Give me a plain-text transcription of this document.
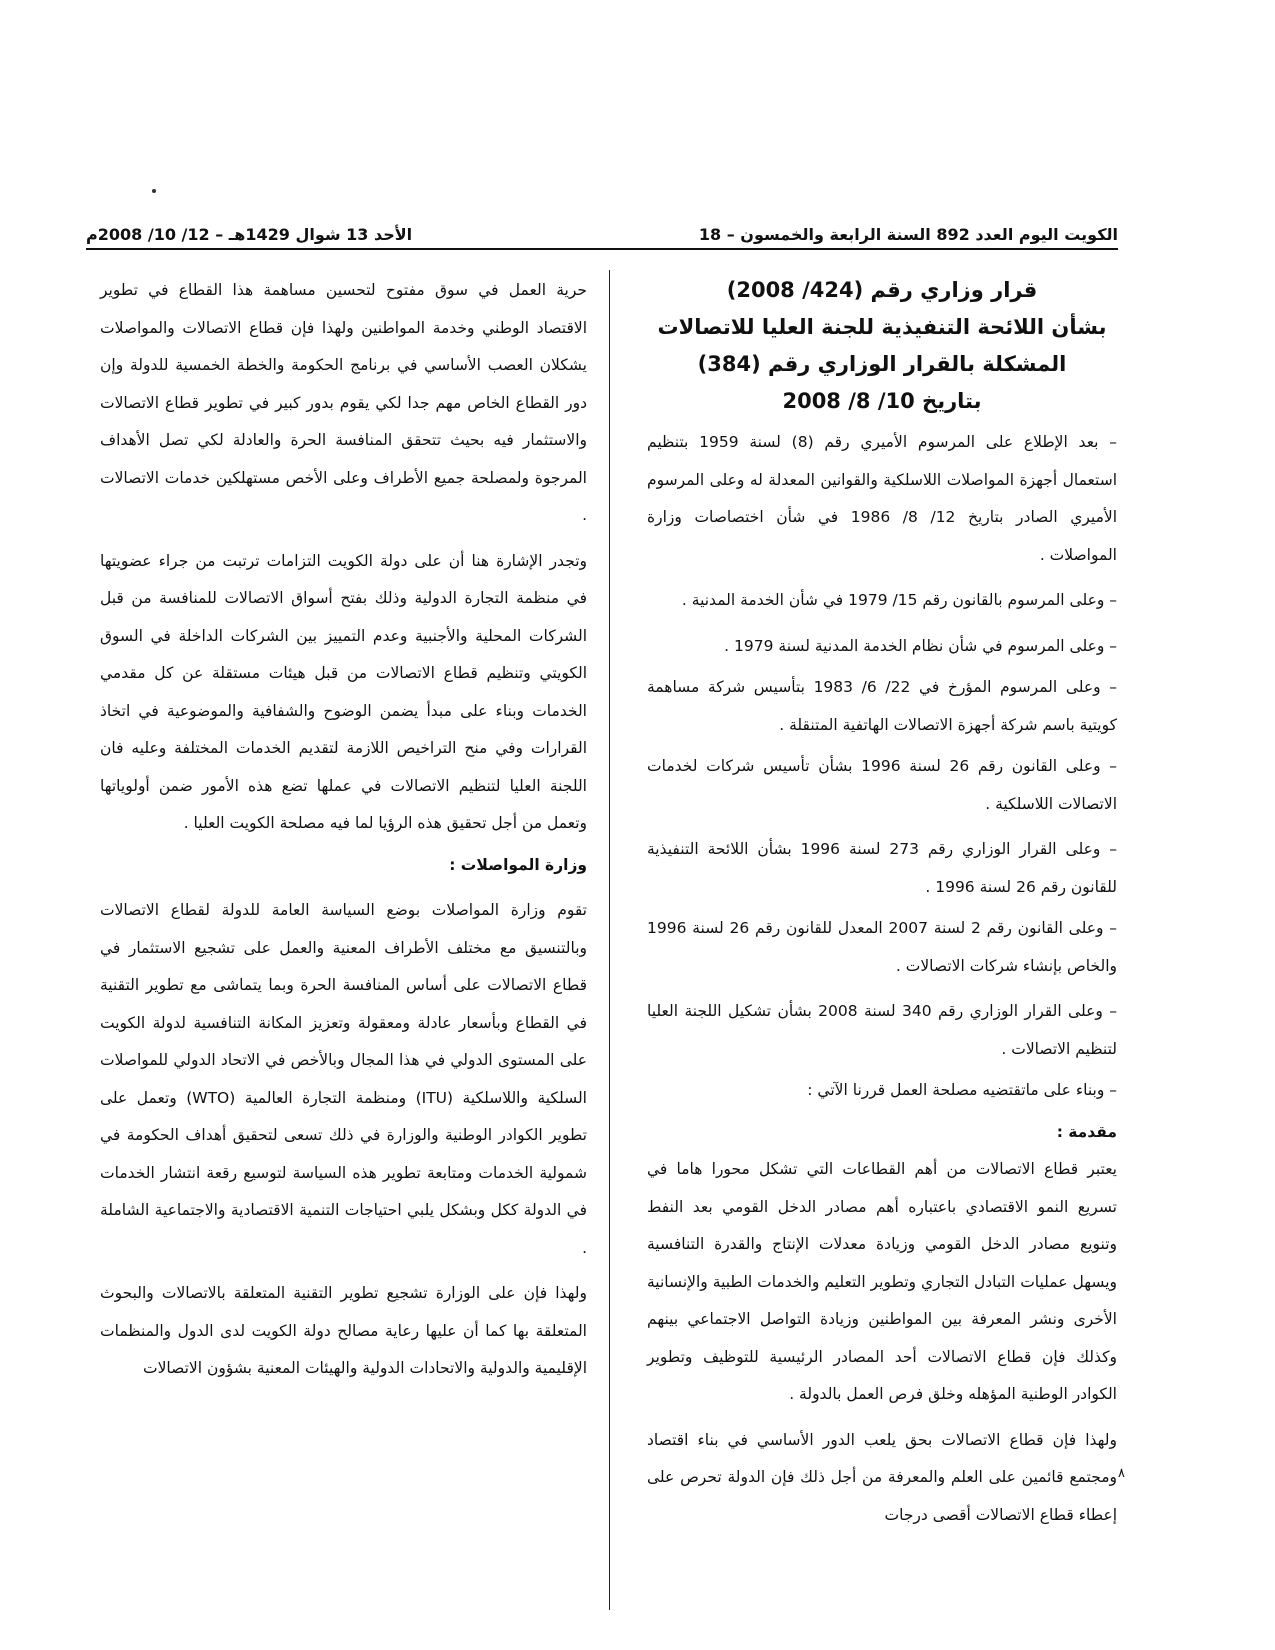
الكويت اليوم العدد 892 السنة الرابعة والخمسون – 18
الأحد 13 شوال 1429هـ – 12/ 10/ 2008م

قرار وزاري رقم (424/ 2008)

بشأن اللائحة التنفيذية للجنة العليا للاتصالات

المشكلة بالقرار الوزاري رقم (384)

بتاريخ 10/ 8/ 2008

– بعد الإطلاع على المرسوم الأميري رقم (8) لسنة 1959 بتنظيم استعمال أجهزة المواصلات اللاسلكية والقوانين المعدلة له وعلى المرسوم الأميري الصادر بتاريخ 12/ 8/ 1986 في شأن اختصاصات وزارة المواصلات .

– وعلى المرسوم بالقانون رقم 15/ 1979 في شأن الخدمة المدنية .

– وعلى المرسوم في شأن نظام الخدمة المدنية لسنة 1979 .

– وعلى المرسوم المؤرخ في 22/ 6/ 1983 بتأسيس شركة مساهمة كويتية باسم شركة أجهزة الاتصالات الهاتفية المتنقلة .

– وعلى القانون رقم 26 لسنة 1996 بشأن تأسيس شركات لخدمات الاتصالات اللاسلكية .

– وعلى القرار الوزاري رقم 273 لسنة 1996 بشأن اللائحة التنفيذية للقانون رقم 26 لسنة 1996 .

– وعلى القانون رقم 2 لسنة 2007 المعدل للقانون رقم 26 لسنة 1996 والخاص بإنشاء شركات الاتصالات .

– وعلى القرار الوزاري رقم 340 لسنة 2008 بشأن تشكيل اللجنة العليا لتنظيم الاتصالات .

– وبناء على ماتقتضيه مصلحة العمل قررنا الآتي :

مقدمة :

يعتبر قطاع الاتصالات من أهم القطاعات التي تشكل محورا هاما في تسريع النمو الاقتصادي باعتباره أهم مصادر الدخل القومي بعد النفط وتنويع مصادر الدخل القومي وزيادة معدلات الإنتاج والقدرة التنافسية ويسهل عمليات التبادل التجاري وتطوير التعليم والخدمات الطبية والإنسانية الأخرى ونشر المعرفة بين المواطنين وزيادة التواصل الاجتماعي بينهم وكذلك فإن قطاع الاتصالات أحد المصادر الرئيسية للتوظيف وتطوير الكوادر الوطنية المؤهله وخلق فرص العمل بالدولة .

ولهذا فإن قطاع الاتصالات بحق يلعب الدور الأساسي في بناء اقتصاد ومجتمع قائمين على العلم والمعرفة من أجل ذلك فإن الدولة تحرص على إعطاء قطاع الاتصالات أقصى درجات

حرية العمل في سوق مفتوح لتحسين مساهمة هذا القطاع في تطوير الاقتصاد الوطني وخدمة المواطنين ولهذا فإن قطاع الاتصالات والمواصلات يشكلان العصب الأساسي في برنامج الحكومة والخطة الخمسية للدولة وإن دور القطاع الخاص مهم جدا لكي يقوم بدور كبير في تطوير قطاع الاتصالات والاستثمار فيه بحيث تتحقق المنافسة الحرة والعادلة لكي تصل الأهداف المرجوة ولمصلحة جميع الأطراف وعلى الأخص مستهلكين خدمات الاتصالات .

وتجدر الإشارة هنا أن على دولة الكويت التزامات ترتبت من جراء عضويتها في منظمة التجارة الدولية وذلك بفتح أسواق الاتصالات للمنافسة من قبل الشركات المحلية والأجنبية وعدم التمييز بين الشركات الداخلة في السوق الكويتي وتنظيم قطاع الاتصالات من قبل هيئات مستقلة عن كل مقدمي الخدمات وبناء على مبدأ يضمن الوضوح والشفافية والموضوعية في اتخاذ القرارات وفي منح التراخيص اللازمة لتقديم الخدمات المختلفة وعليه فان اللجنة العليا لتنظيم الاتصالات في عملها تضع هذه الأمور ضمن أولوياتها وتعمل من أجل تحقيق هذه الرؤيا لما فيه مصلحة الكويت العليا .

وزارة المواصلات :

تقوم وزارة المواصلات بوضع السياسة العامة للدولة لقطاع الاتصالات وبالتنسيق مع مختلف الأطراف المعنية والعمل على تشجيع الاستثمار في قطاع الاتصالات على أساس المنافسة الحرة وبما يتماشى مع تطوير التقنية في القطاع وبأسعار عادلة ومعقولة وتعزيز المكانة التنافسية لدولة الكويت على المستوى الدولي في هذا المجال وبالأخص في الاتحاد الدولي للمواصلات السلكية واللاسلكية (ITU) ومنظمة التجارة العالمية (WTO) وتعمل على تطوير الكوادر الوطنية والوزارة في ذلك تسعى لتحقيق أهداف الحكومة في شمولية الخدمات ومتابعة تطوير هذه السياسة لتوسيع رقعة انتشار الخدمات في الدولة ككل وبشكل يلبي احتياجات التنمية الاقتصادية والاجتماعية الشاملة .

ولهذا فإن على الوزارة تشجيع تطوير التقنية المتعلقة بالاتصالات والبحوث المتعلقة بها كما أن عليها رعاية مصالح دولة الكويت لدى الدول والمنظمات الإقليمية والدولية والاتحادات الدولية والهيئات المعنية بشؤون الاتصالات

٨
